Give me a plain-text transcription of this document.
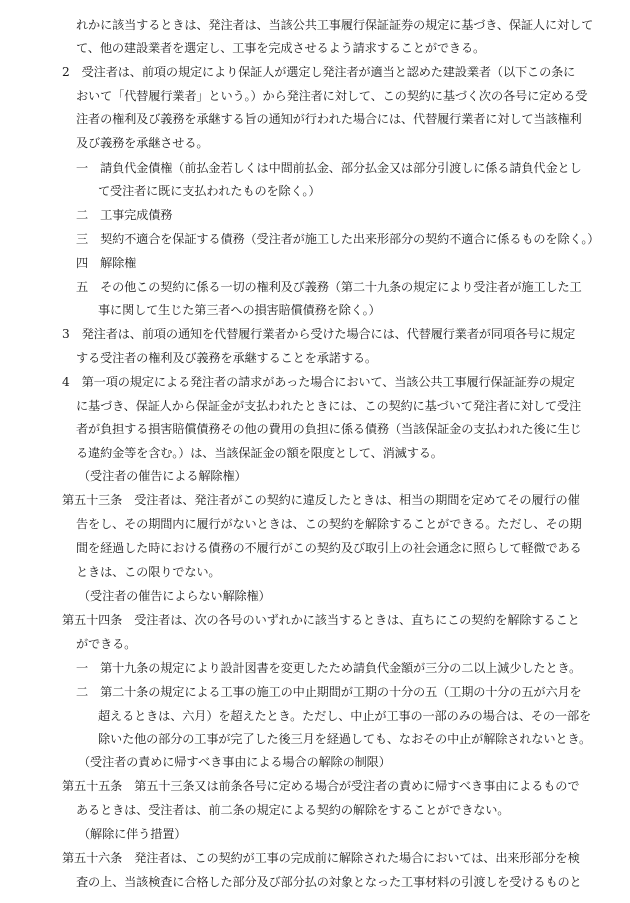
れかに該当するときは、発注者は、当該公共工事履行保証証券の規定に基づき、保証人に対して
て、他の建設業者を選定し、工事を完成させるよう請求することができる。
2　受注者は、前項の規定により保証人が選定し発注者が適当と認めた建設業者（以下この条に
おいて「代替履行業者」という。）から発注者に対して、この契約に基づく次の各号に定める受
注者の権利及び義務を承継する旨の通知が行われた場合には、代替履行業者に対して当該権利
及び義務を承継させる。
一　請負代金債権（前払金若しくは中間前払金、部分払金又は部分引渡しに係る請負代金とし
て受注者に既に支払われたものを除く。）
二　工事完成債務
三　契約不適合を保証する債務（受注者が施工した出来形部分の契約不適合に係るものを除く。）
四　解除権
五　その他この契約に係る一切の権利及び義務（第二十九条の規定により受注者が施工した工
事に関して生じた第三者への損害賠償債務を除く。）
3　発注者は、前項の通知を代替履行業者から受けた場合には、代替履行業者が同項各号に規定
する受注者の権利及び義務を承継することを承諾する。
4　第一項の規定による発注者の請求があった場合において、当該公共工事履行保証証券の規定
に基づき、保証人から保証金が支払われたときには、この契約に基づいて発注者に対して受注
者が負担する損害賠償債務その他の費用の負担に係る債務（当該保証金の支払われた後に生じ
る違約金等を含む。）は、当該保証金の額を限度として、消滅する。
（受注者の催告による解除権）
第五十三条　受注者は、発注者がこの契約に違反したときは、相当の期間を定めてその履行の催
告をし、その期間内に履行がないときは、この契約を解除することができる。ただし、その期
間を経過した時における債務の不履行がこの契約及び取引上の社会通念に照らして軽微である
ときは、この限りでない。
（受注者の催告によらない解除権）
第五十四条　受注者は、次の各号のいずれかに該当するときは、直ちにこの契約を解除すること
ができる。
一　第十九条の規定により設計図書を変更したため請負代金額が三分の二以上減少したとき。
二　第二十条の規定による工事の施工の中止期間が工期の十分の五（工期の十分の五が六月を
超えるときは、六月）を超えたとき。ただし、中止が工事の一部のみの場合は、その一部を
除いた他の部分の工事が完了した後三月を経過しても、なおその中止が解除されないとき。
（受注者の責めに帰すべき事由による場合の解除の制限）
第五十五条　第五十三条又は前条各号に定める場合が受注者の責めに帰すべき事由によるもので
あるときは、受注者は、前二条の規定による契約の解除をすることができない。
（解除に伴う措置）
第五十六条　発注者は、この契約が工事の完成前に解除された場合においては、出来形部分を検
査の上、当該検査に合格した部分及び部分払の対象となった工事材料の引渡しを受けるものと
